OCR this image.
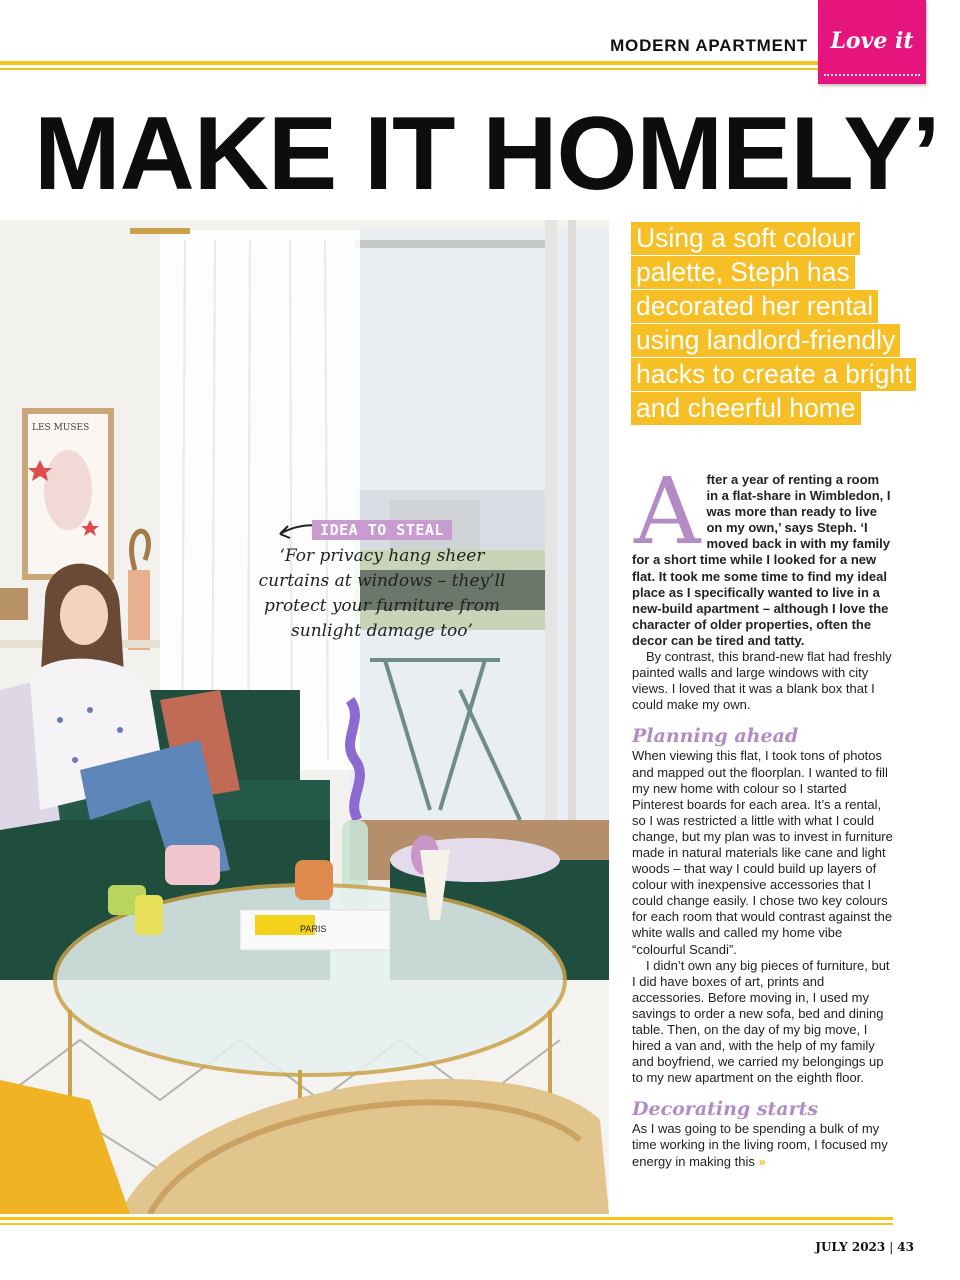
MODERN APARTMENT	Love it
MAKE IT HOMELY’
LES MUSES
PARIS
IDEA TO STEAL
‘For privacy hang sheer curtains at windows – they’ll protect your furniture from sunlight damage too’
Using a soft colour palette, Steph has decorated her rental using landlord-friendly hacks to create a bright and cheerful home
A fter a year of renting a room in a flat-share in Wimbledon, I was more than ready to live on my own,’ says Steph. ‘I moved back in with my family for a short time while I looked for a new flat. It took me some time to find my ideal place as I specifically wanted to live in a new-build apartment – although I love the character of older properties, often the decor can be tired and tatty.

By contrast, this brand-new flat had freshly painted walls and large windows with city views. I loved that it was a blank box that I could make my own.

Planning ahead

When viewing this flat, I took tons of photos and mapped out the floorplan. I wanted to fill my new home with colour so I started Pinterest boards for each area. It’s a rental, so I was restricted a little with what I could change, but my plan was to invest in furniture made in natural materials like cane and light woods – that way I could build up layers of colour with inexpensive accessories that I could change easily. I chose two key colours for each room that would contrast against the white walls and called my home vibe “colourful Scandi”.

I didn’t own any big pieces of furniture, but I did have boxes of art, prints and accessories. Before moving in, I used my savings to order a new sofa, bed and dining table. Then, on the day of my big move, I hired a van and, with the help of my family and boyfriend, we carried my belongings up to my new apartment on the eighth floor.

Decorating starts

As I was going to be spending a bulk of my time working in the living room, I focused my energy in making this »

JULY 2023 | 43
